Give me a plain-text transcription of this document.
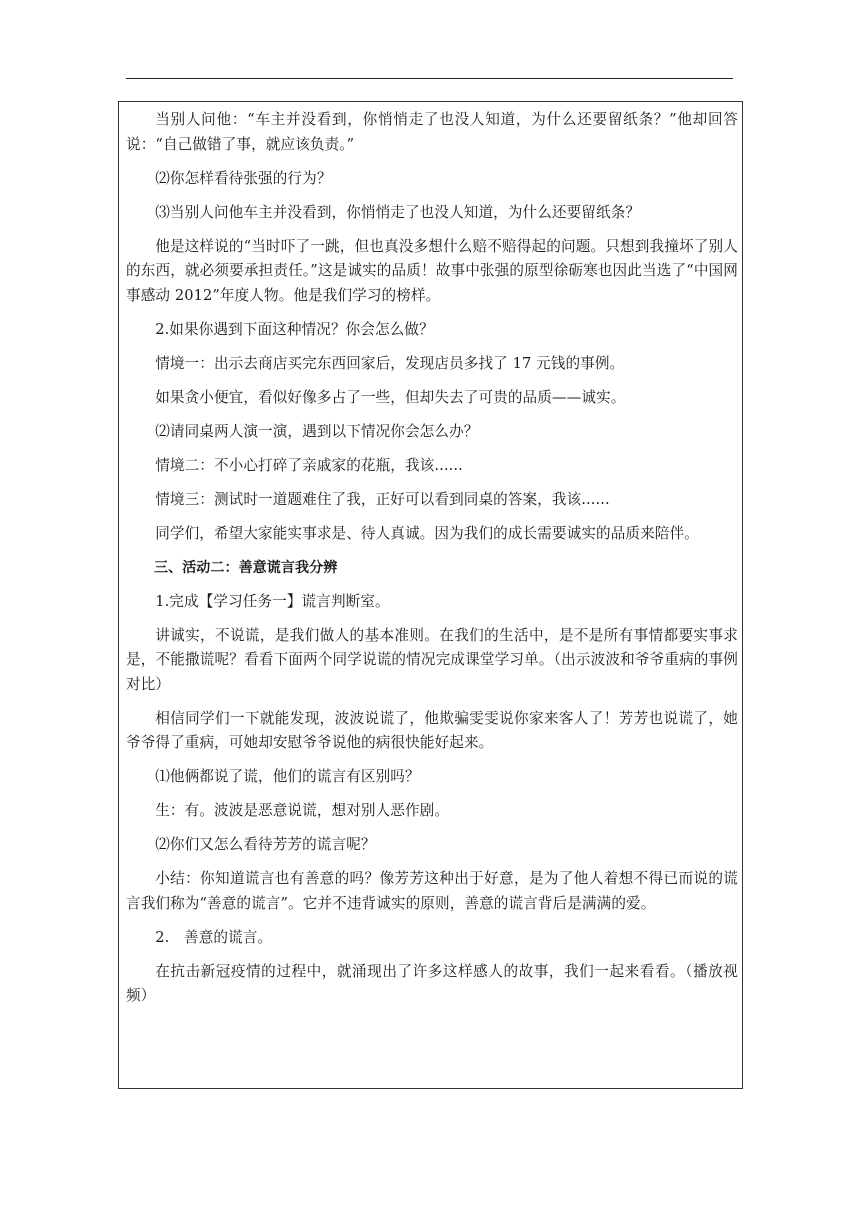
当别人问他：“车主并没看到，你悄悄走了也没人知道，为什么还要留纸条？”他却回答说：“自己做错了事，就应该负责。”

⑵你怎样看待张强的行为？

⑶当别人问他车主并没看到，你悄悄走了也没人知道，为什么还要留纸条？

他是这样说的“当时吓了一跳，但也真没多想什么赔不赔得起的问题。只想到我撞坏了别人的东西，就必须要承担责任。”这是诚实的品质！故事中张强的原型徐砺寒也因此当选了“中国网事感动 2012”年度人物。他是我们学习的榜样。

2.如果你遇到下面这种情况？你会怎么做？

情境一：出示去商店买完东西回家后，发现店员多找了 17 元钱的事例。

如果贪小便宜，看似好像多占了一些，但却失去了可贵的品质——诚实。

⑵请同桌两人演一演，遇到以下情况你会怎么办？

情境二：不小心打碎了亲戚家的花瓶，我该......

情境三：测试时一道题难住了我，正好可以看到同桌的答案，我该......

同学们，希望大家能实事求是、待人真诚。因为我们的成长需要诚实的品质来陪伴。

三、活动二：善意谎言我分辨

1.完成【学习任务一】谎言判断室。

讲诚实，不说谎，是我们做人的基本准则。在我们的生活中，是不是所有事情都要实事求是，不能撒谎呢？看看下面两个同学说谎的情况完成课堂学习单。（出示波波和爷爷重病的事例对比）

相信同学们一下就能发现，波波说谎了，他欺骗雯雯说你家来客人了！芳芳也说谎了，她爷爷得了重病，可她却安慰爷爷说他的病很快能好起来。

⑴他俩都说了谎，他们的谎言有区别吗？

生：有。波波是恶意说谎，想对别人恶作剧。

⑵你们又怎么看待芳芳的谎言呢？

小结：你知道谎言也有善意的吗？像芳芳这种出于好意，是为了他人着想不得已而说的谎言我们称为“善意的谎言”。它并不违背诚实的原则，善意的谎言背后是满满的爱。

2.　善意的谎言。

在抗击新冠疫情的过程中，就涌现出了许多这样感人的故事，我们一起来看看。（播放视频）
